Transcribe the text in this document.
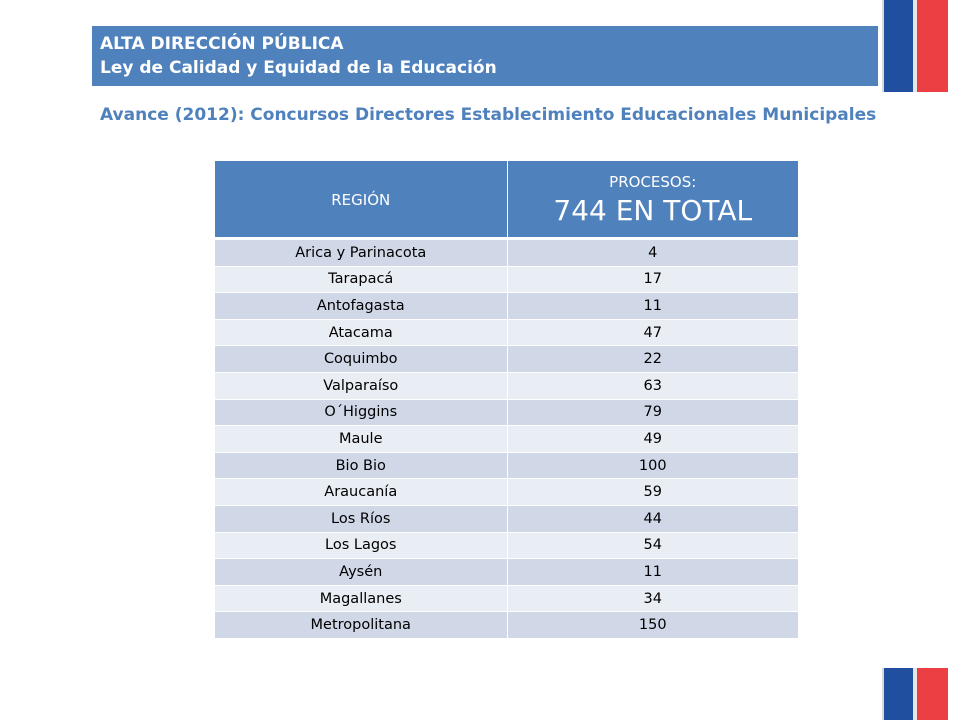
ALTA DIRECCIÓN PÚBLICA
Ley de Calidad y Equidad de la Educación
Avance (2012): Concursos Directores Establecimiento Educacionales Municipales
REGIÓN	PROCESOS:
744 EN TOTAL

Arica y Parinacota	4
Tarapacá	17
Antofagasta	11
Atacama	47
Coquimbo	22
Valparaíso	63
O´Higgins	79
Maule	49
Bio Bio	100
Araucanía	59
Los Ríos	44
Los Lagos	54
Aysén	11
Magallanes	34
Metropolitana	150
